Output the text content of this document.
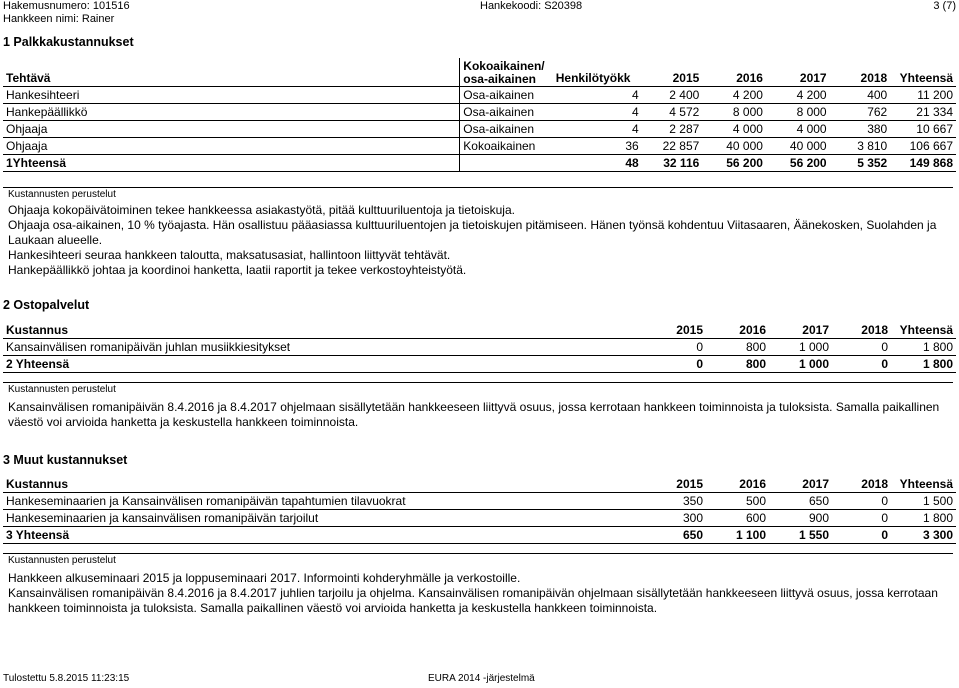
Hakemusnumero: 101516	Hankekoodi: S20398	3 (7)
Hankkeen nimi: Rainer
1 Palkkakustannukset
Tehtävä	Kokoaikainen/
osa-aikainen	Henkilötyökk	2015	2016	2017	2018	Yhteensä
Hankesihteeri	Osa-aikainen	4	2 400	4 200	4 200	400	11 200
Hankepäällikkö	Osa-aikainen	4	4 572	8 000	8 000	762	21 334
Ohjaaja	Osa-aikainen	4	2 287	4 000	4 000	380	10 667
Ohjaaja	Kokoaikainen	36	22 857	40 000	40 000	3 810	106 667
1Yhteensä		48	32 116	56 200	56 200	5 352	149 868
Kustannusten perustelut

Ohjaaja kokopäivätoiminen tekee hankkeessa asiakastyötä, pitää kulttuuriluentoja ja tietoiskuja.

Ohjaaja osa-aikainen, 10 % työajasta. Hän osallistuu pääasiassa kulttuuriluentojen ja tietoiskujen pitämiseen. Hänen työnsä kohdentuu Viitasaaren, Äänekosken, Suolahden ja Laukaan alueelle.

Hankesihteeri seuraa hankkeen taloutta, maksatusasiat, hallintoon liittyvät tehtävät.

Hankepäällikkö johtaa ja koordinoi hanketta, laatii raportit ja tekee verkostoyhteistyötä.

2 Ostopalvelut
Kustannus	2015	2016	2017	2018	Yhteensä
Kansainvälisen romanipäivän juhlan musiikkiesitykset	0	800	1 000	0	1 800
2 Yhteensä	0	800	1 000	0	1 800
Kustannusten perustelut

Kansainvälisen romanipäivän 8.4.2016 ja 8.4.2017 ohjelmaan sisällytetään hankkeeseen liittyvä osuus, jossa kerrotaan hankkeen toiminnoista ja tuloksista. Samalla paikallinen väestö voi arvioida hanketta ja keskustella hankkeen toiminnoista.

3 Muut kustannukset
Kustannus	2015	2016	2017	2018	Yhteensä
Hankeseminaarien ja Kansainvälisen romanipäivän tapahtumien tilavuokrat	350	500	650	0	1 500
Hankeseminaarien ja kansainvälisen romanipäivän tarjoilut	300	600	900	0	1 800
3 Yhteensä	650	1 100	1 550	0	3 300
Kustannusten perustelut

Hankkeen alkuseminaari 2015 ja loppuseminaari 2017. Informointi kohderyhmälle ja verkostoille.

Kansainvälisen romanipäivän 8.4.2016 ja 8.4.2017 juhlien tarjoilu ja ohjelma. Kansainvälisen romanipäivän ohjelmaan sisällytetään hankkeeseen liittyvä osuus, jossa kerrotaan hankkeen toiminnoista ja tuloksista. Samalla paikallinen väestö voi arvioida hanketta ja keskustella hankkeen toiminnoista.

Tulostettu 5.8.2015 11:23:15	EURA 2014 -järjestelmä
